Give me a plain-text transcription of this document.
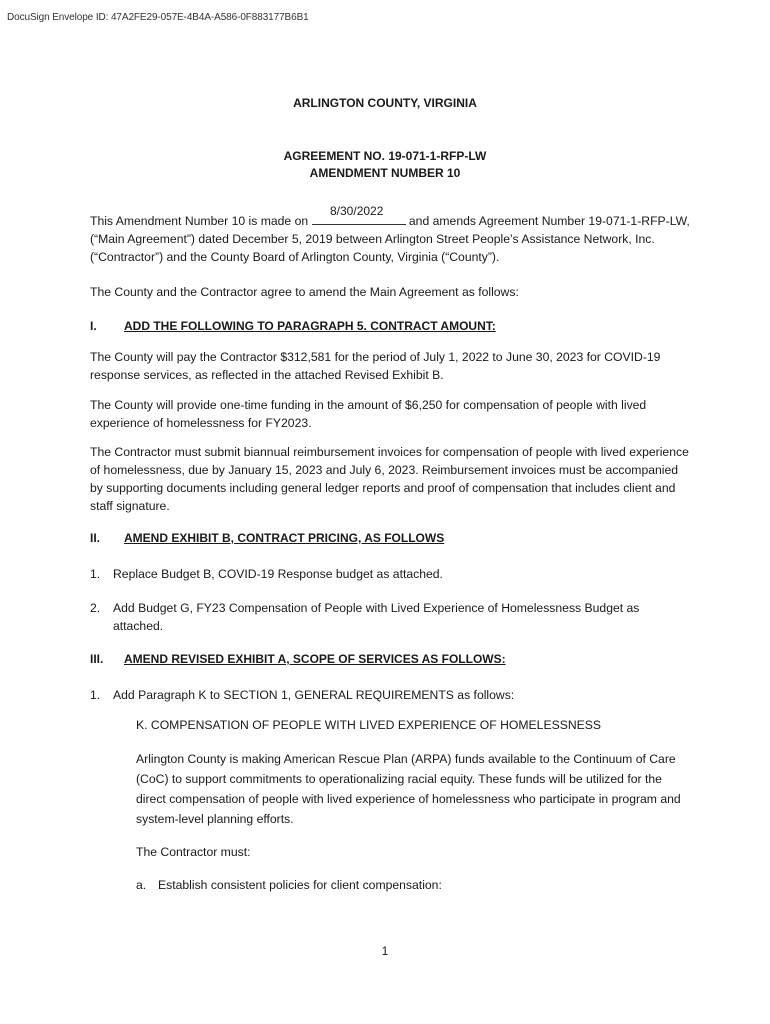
DocuSign Envelope ID: 47A2FE29-057E-4B4A-A586-0F883177B6B1
ARLINGTON COUNTY, VIRGINIA
AGREEMENT NO. 19-071-1-RFP-LW
AMENDMENT NUMBER 10
8/30/2022
This Amendment Number 10 is made on	and amends Agreement Number 19-071-1-RFP-LW, (“Main Agreement”) dated December 5, 2019 between Arlington Street People’s Assistance Network, Inc. (“Contractor”) and the County Board of Arlington County, Virginia (“County”).
The County and the Contractor agree to amend the Main Agreement as follows:
I. ADD THE FOLLOWING TO PARAGRAPH 5. CONTRACT AMOUNT:
The County will pay the Contractor $312,581 for the period of July 1, 2022 to June 30, 2023 for COVID-19 response services, as reflected in the attached Revised Exhibit B.
The County will provide one-time funding in the amount of $6,250 for compensation of people with lived experience of homelessness for FY2023.
The Contractor must submit biannual reimbursement invoices for compensation of people with lived experience of homelessness, due by January 15, 2023 and July 6, 2023. Reimbursement invoices must be accompanied by supporting documents including general ledger reports and proof of compensation that includes client and staff signature.
II. AMEND EXHIBIT B, CONTRACT PRICING, AS FOLLOWS
1. Replace Budget B, COVID-19 Response budget as attached.
2. Add Budget G, FY23 Compensation of People with Lived Experience of Homelessness Budget as attached.
III. AMEND REVISED EXHIBIT A, SCOPE OF SERVICES AS FOLLOWS:
1. Add Paragraph K to SECTION 1, GENERAL REQUIREMENTS as follows:
K. COMPENSATION OF PEOPLE WITH LIVED EXPERIENCE OF HOMELESSNESS
Arlington County is making American Rescue Plan (ARPA) funds available to the Continuum of Care (CoC) to support commitments to operationalizing racial equity. These funds will be utilized for the direct compensation of people with lived experience of homelessness who participate in program and system-level planning efforts.
The Contractor must:
a. Establish consistent policies for client compensation:
1
